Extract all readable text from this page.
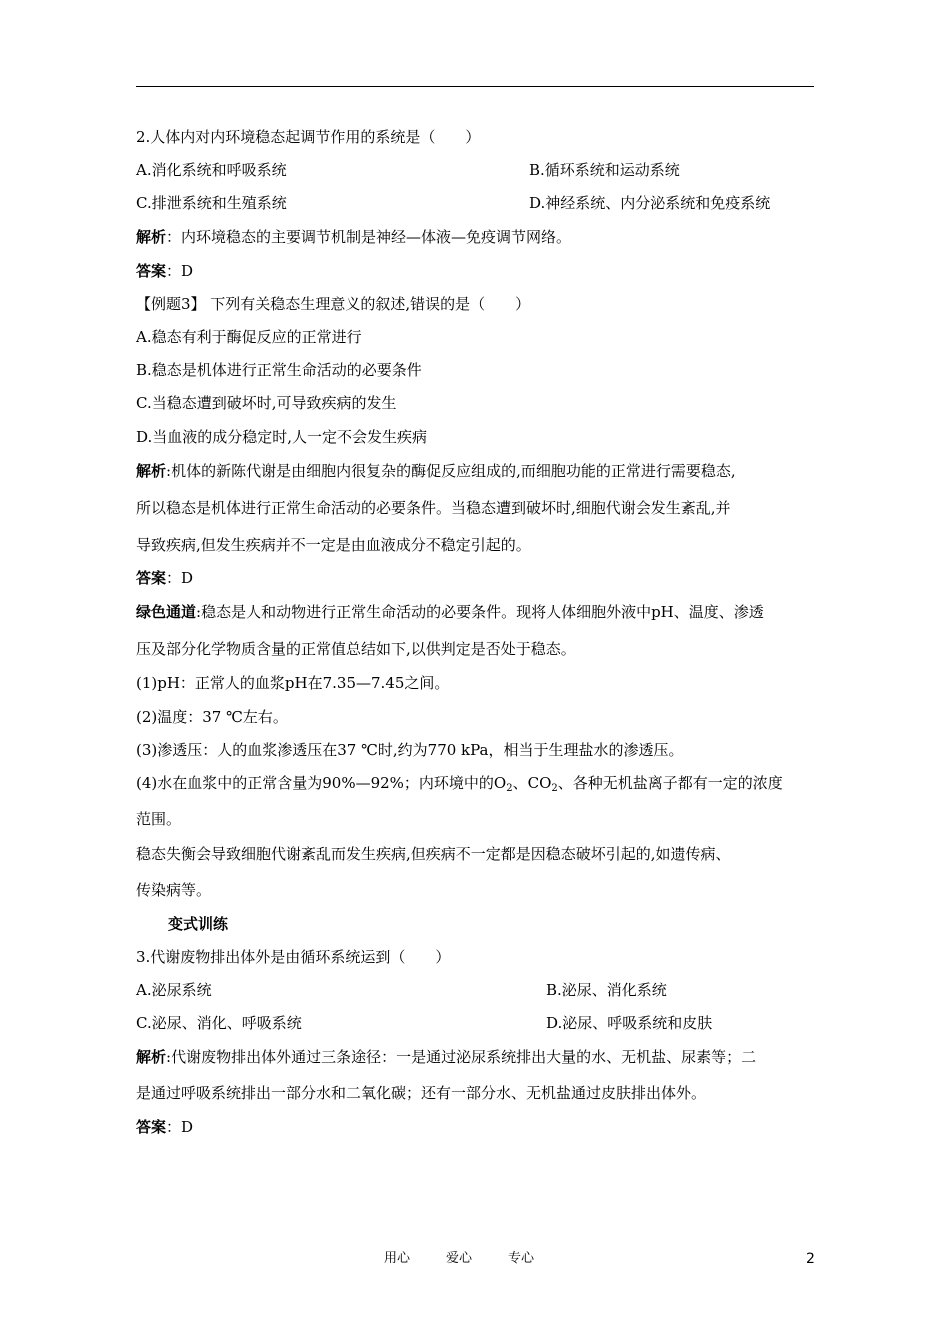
2.人体内对内环境稳态起调节作用的系统是（　　）
A.消化系统和呼吸系统	B.循环系统和运动系统
C.排泄系统和生殖系统	D.神经系统、内分泌系统和免疫系统
解析：内环境稳态的主要调节机制是神经—体液—免疫调节网络。
答案：D
【例题3】 下列有关稳态生理意义的叙述,错误的是（　　）
A.稳态有利于酶促反应的正常进行
B.稳态是机体进行正常生命活动的必要条件
C.当稳态遭到破坏时,可导致疾病的发生
D.当血液的成分稳定时,人一定不会发生疾病
解析:机体的新陈代谢是由细胞内很复杂的酶促反应组成的,而细胞功能的正常进行需要稳态,
所以稳态是机体进行正常生命活动的必要条件。当稳态遭到破坏时,细胞代谢会发生紊乱,并
导致疾病,但发生疾病并不一定是由血液成分不稳定引起的。
答案：D
绿色通道:稳态是人和动物进行正常生命活动的必要条件。现将人体细胞外液中pH、温度、渗透
压及部分化学物质含量的正常值总结如下,以供判定是否处于稳态。
(1)pH：正常人的血浆pH在7.35—7.45之间。
(2)温度：37 ℃左右。
(3)渗透压：人的血浆渗透压在37 ℃时,约为770 kPa，相当于生理盐水的渗透压。
(4)水在血浆中的正常含量为90%—92%；内环境中的$O_2$、$CO_2$、各种无机盐离子都有一定的浓度
范围。
稳态失衡会导致细胞代谢紊乱而发生疾病,但疾病不一定都是因稳态破坏引起的,如遗传病、
传染病等。
变式训练
3.代谢废物排出体外是由循环系统运到（　　）
A.泌尿系统	B.泌尿、消化系统
C.泌尿、消化、呼吸系统	D.泌尿、呼吸系统和皮肤
解析:代谢废物排出体外通过三条途径：一是通过泌尿系统排出大量的水、无机盐、尿素等；二
是通过呼吸系统排出一部分水和二氧化碳；还有一部分水、无机盐通过皮肤排出体外。
答案：D
用心	爱心	专心	2
